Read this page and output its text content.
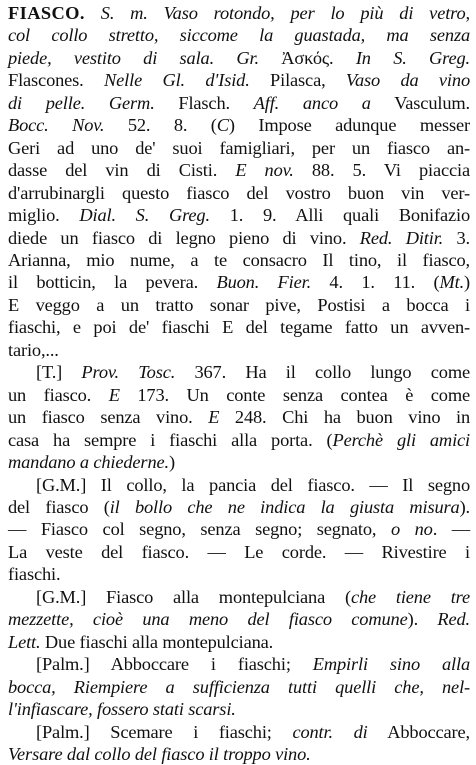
FIASCO. S. m. Vaso rotondo, per lo più di vetro,
col collo stretto, siccome la guastada, ma senza
piede, vestito di sala. Gr. Ἀσκός. In S. Greg.
Flascones. Nelle Gl. d'Isid. Pilasca, Vaso da vino
di pelle. Germ. Flasch. Aff. anco a Vasculum.
Bocc. Nov. 52. 8. (C) Impose adunque messer
Geri ad uno de' suoi famigliari, per un fiasco an-
dasse del vin di Cisti. E nov. 88. 5. Vi piaccia
d'arrubinargli questo fiasco del vostro buon vin ver-
miglio. Dial. S. Greg. 1. 9. Alli quali Bonifazio
diede un fiasco di legno pieno di vino. Red. Ditir. 3.
Arianna, mio nume, a te consacro Il tino, il fiasco,
il botticin, la pevera. Buon. Fier. 4. 1. 11. (Mt.)
E veggo a un tratto sonar pive, Postisi a bocca i
fiaschi, e poi de' fiaschi E del tegame fatto un avven-
tario,...
[T.] Prov. Tosc. 367. Ha il collo lungo come
un fiasco. E 173. Un conte senza contea è come
un fiasco senza vino. E 248. Chi ha buon vino in
casa ha sempre i fiaschi alla porta. (Perchè gli amici
mandano a chiederne.)
[G.M.] Il collo, la pancia del fiasco. — Il segno
del fiasco (il bollo che ne indica la giusta misura).
— Fiasco col segno, senza segno; segnato, o no. —
La veste del fiasco. — Le corde. — Rivestire i
fiaschi.
[G.M.] Fiasco alla montepulciana (che tiene tre
mezzette, cioè una meno del fiasco comune). Red.
Lett. Due fiaschi alla montepulciana.
[Palm.] Abboccare i fiaschi; Empirli sino alla
bocca, Riempiere a sufficienza tutti quelli che, nel-
l'infiascare, fossero stati scarsi.
[Palm.] Scemare i fiaschi; contr. di Abboccare,
Versare dal collo del fiasco il troppo vino.
